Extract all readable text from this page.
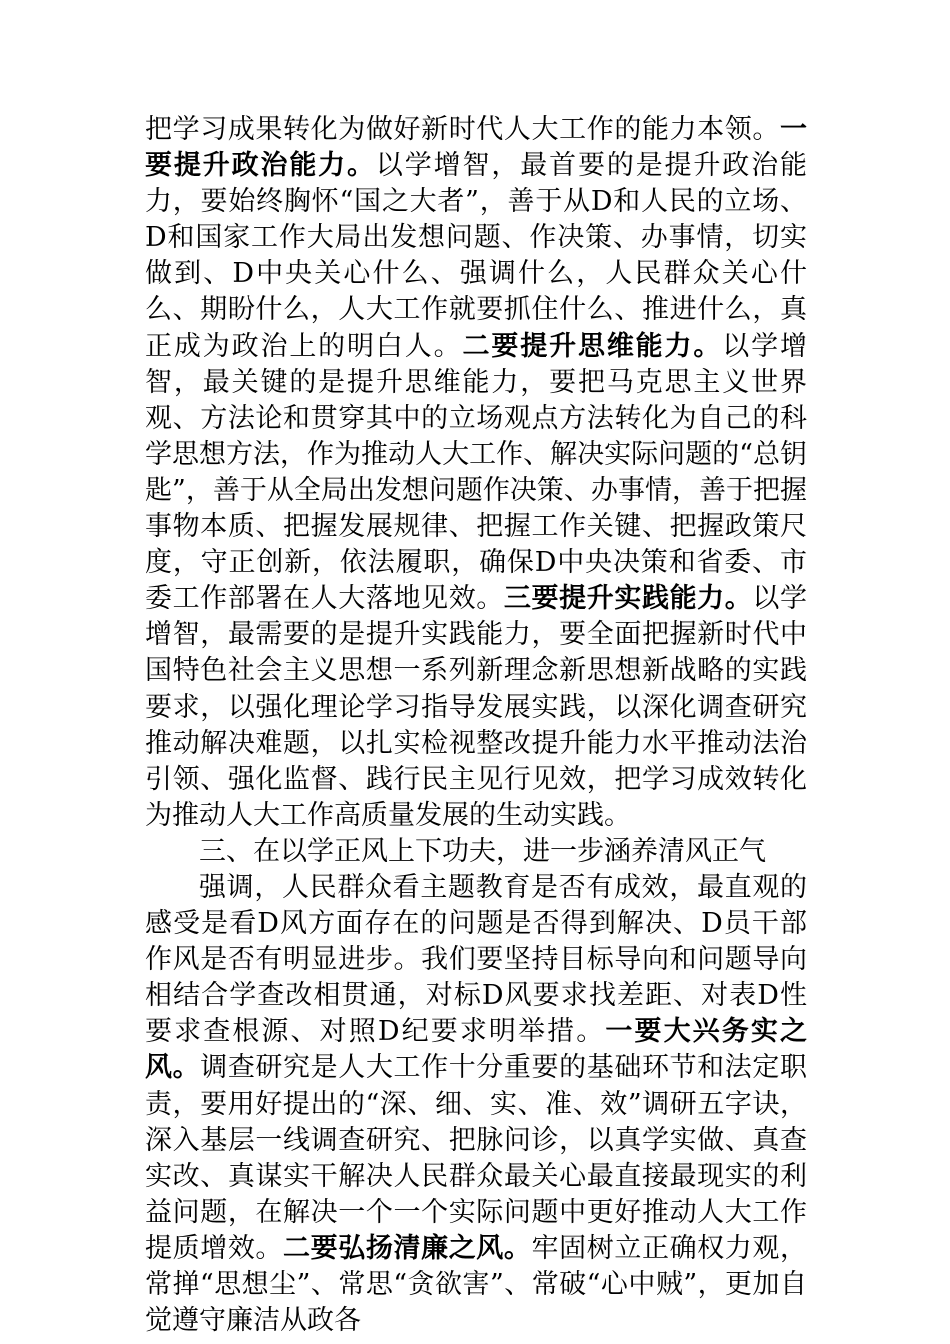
把学习成果转化为做好新时代人大工作的能力本领。一要提升政治能力。以学增智，最首要的是提升政治能力，要始终胸怀“国之大者”，善于从D和人民的立场、D和国家工作大局出发想问题、作决策、办事情，切实做到、D中央关心什么、强调什么，人民群众关心什么、期盼什么，人大工作就要抓住什么、推进什么，真正成为政治上的明白人。二要提升思维能力。以学增智，最关键的是提升思维能力，要把马克思主义世界观、方法论和贯穿其中的立场观点方法转化为自己的科学思想方法，作为推动人大工作、解决实际问题的“总钥匙”，善于从全局出发想问题作决策、办事情，善于把握事物本质、把握发展规律、把握工作关键、把握政策尺度，守正创新，依法履职，确保D中央决策和省委、市委工作部署在人大落地见效。三要提升实践能力。以学增智，最需要的是提升实践能力，要全面把握新时代中国特色社会主义思想一系列新理念新思想新战略的实践要求，以强化理论学习指导发展实践，以深化调查研究推动解决难题，以扎实检视整改提升能力水平推动法治引领、强化监督、践行民主见行见效，把学习成效转化为推动人大工作高质量发展的生动实践。

三、在以学正风上下功夫，进一步涵养清风正气

强调，人民群众看主题教育是否有成效，最直观的感受是看D风方面存在的问题是否得到解决、D员干部作风是否有明显进步。我们要坚持目标导向和问题导向相结合学查改相贯通，对标D风要求找差距、对表D性要求查根源、对照D纪要求明举措。一要大兴务实之风。调查研究是人大工作十分重要的基础环节和法定职责，要用好提出的“深、细、实、准、效”调研五字诀，深入基层一线调查研究、把脉问诊，以真学实做、真查实改、真谋实干解决人民群众最关心最直接最现实的利益问题，在解决一个一个实际问题中更好推动人大工作提质增效。二要弘扬清廉之风。牢固树立正确权力观，常掸“思想尘”、常思“贪欲害”、常破“心中贼”，更加自觉遵守廉洁从政各
